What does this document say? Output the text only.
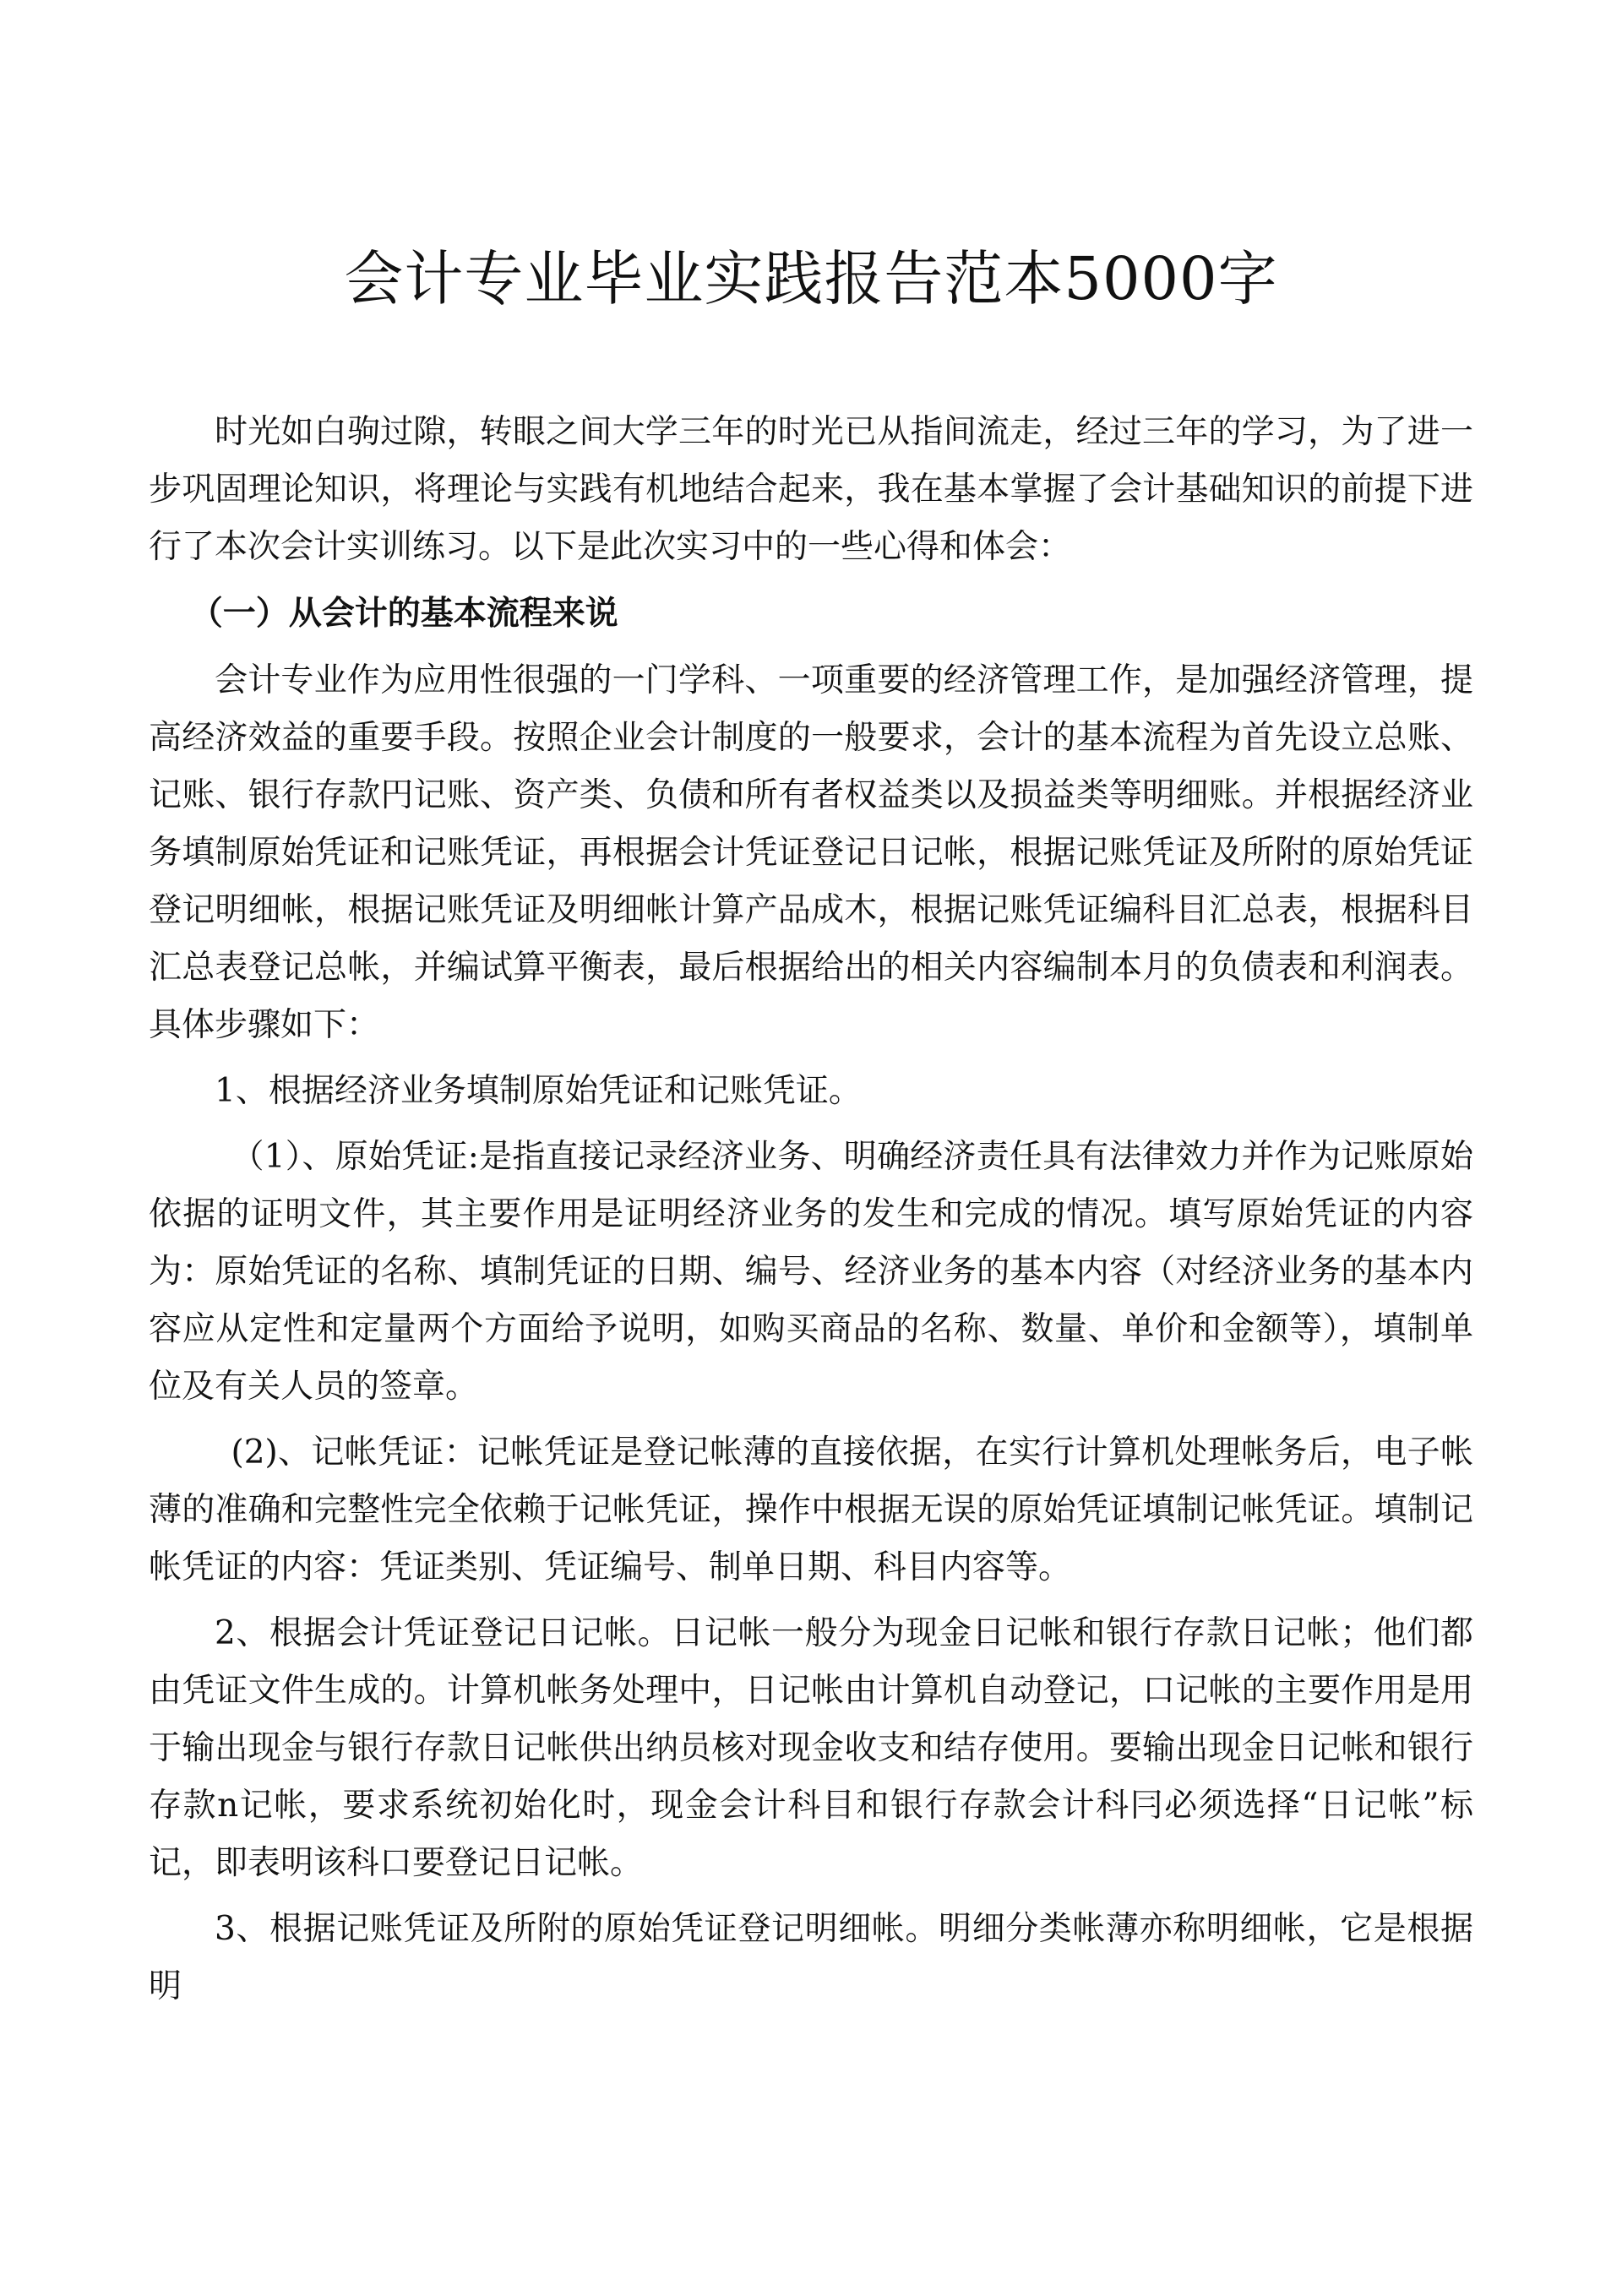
会计专业毕业实践报告范本5000字

时光如白驹过隙，转眼之间大学三年的时光已从指间流走，经过三年的学习，为了进一步巩固理论知识，将理论与实践有机地结合起来，我在基本掌握了会计基础知识的前提下进行了本次会计实训练习。以下是此次实习中的一些心得和体会：

（一）从会计的基本流程来说

会计专业作为应用性很强的一门学科、一项重要的经济管理工作，是加强经济管理，提高经济效益的重要手段。按照企业会计制度的一般要求，会计的基本流程为首先设立总账、记账、银行存款円记账、资产类、负债和所有者权益类以及损益类等明细账。并根据经济业务填制原始凭证和记账凭证，再根据会计凭证登记日记帐，根据记账凭证及所附的原始凭证登记明细帐，根据记账凭证及明细帐计算产品成木，根据记账凭证编科目汇总表，根据科目汇总表登记总帐，并编试算平衡表，最后根据给出的相关内容编制本月的负债表和利润表。具体步骤如下：

1、根据经济业务填制原始凭证和记账凭证。

（1）、原始凭证:是指直接记录经济业务、明确经济责任具有法律效力并作为记账原始依据的证明文件，其主要作用是证明经济业务的发生和完成的情况。填写原始凭证的内容为：原始凭证的名称、填制凭证的日期、编号、经济业务的基本内容（对经济业务的基本内容应从定性和定量两个方面给予说明，如购买商品的名称、数量、单价和金额等），填制单位及有关人员的签章。

(2)、记帐凭证：记帐凭证是登记帐薄的直接依据，在实行计算机处理帐务后，电子帐薄的准确和完整性完全依赖于记帐凭证，操作中根据无误的原始凭证填制记帐凭证。填制记帐凭证的内容：凭证类别、凭证编号、制单日期、科目内容等。

2、根据会计凭证登记日记帐。日记帐一般分为现金日记帐和银行存款日记帐；他们都由凭证文件生成的。计算机帐务处理中，日记帐由计算机自动登记，口记帐的主要作用是用于输出现金与银行存款日记帐供出纳员核对现金收支和结存使用。要输出现金日记帐和银行存款n记帐，要求系统初始化时，现金会计科目和银行存款会计科冃必须选择“日记帐”标记，即表明该科口要登记日记帐。

3、根据记账凭证及所附的原始凭证登记明细帐。明细分类帐薄亦称明细帐，它是根据明
